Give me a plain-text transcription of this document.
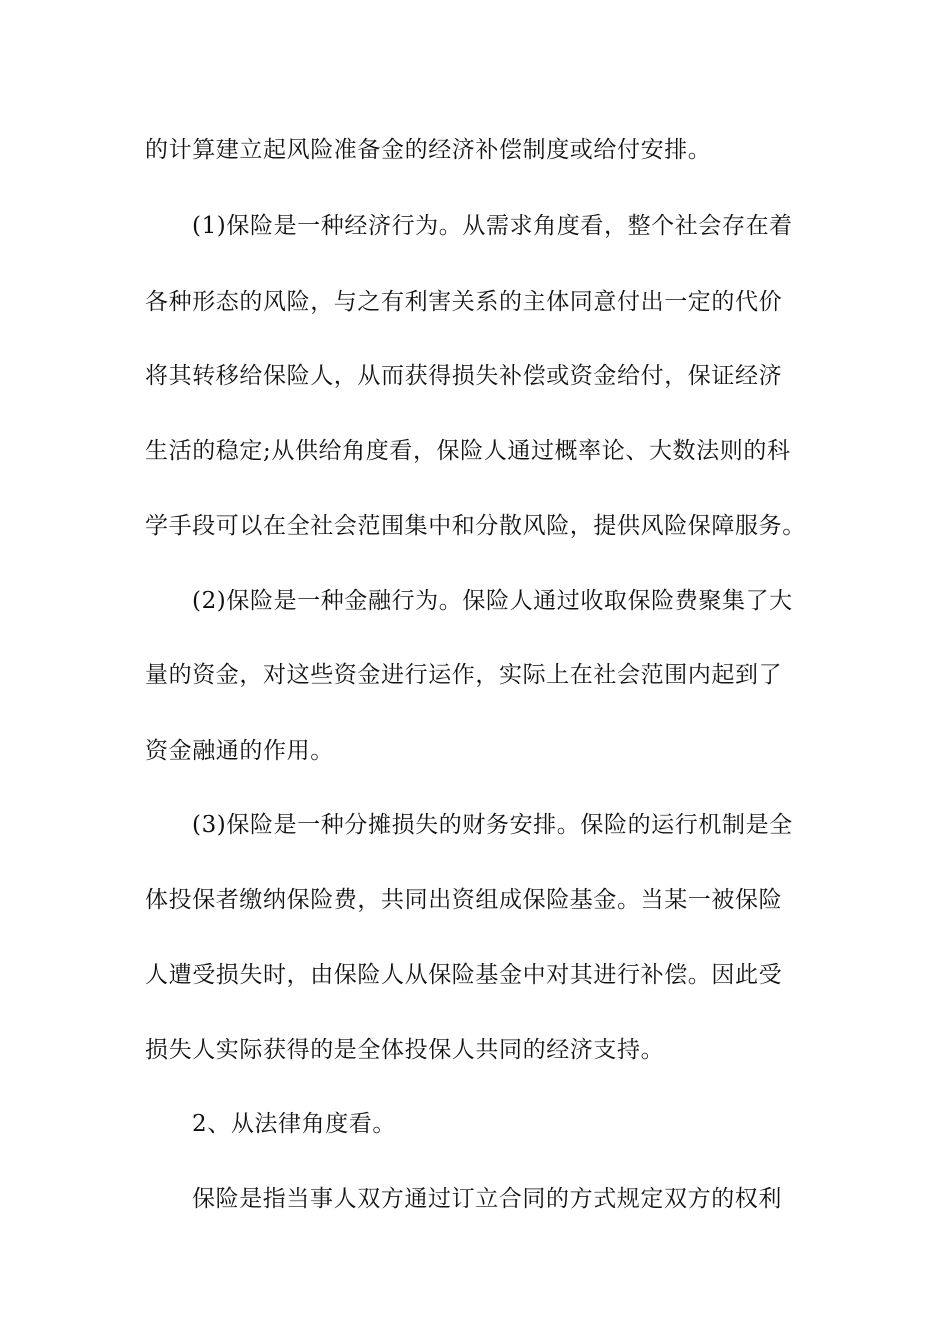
的计算建立起风险准备金的经济补偿制度或给付安排。
(1)保险是一种经济行为。从需求角度看，整个社会存在着
各种形态的风险，与之有利害关系的主体同意付出一定的代价
将其转移给保险人，从而获得损失补偿或资金给付，保证经济
生活的稳定;从供给角度看，保险人通过概率论、大数法则的科
学手段可以在全社会范围集中和分散风险，提供风险保障服务。
(2)保险是一种金融行为。保险人通过收取保险费聚集了大
量的资金，对这些资金进行运作，实际上在社会范围内起到了
资金融通的作用。
(3)保险是一种分摊损失的财务安排。保险的运行机制是全
体投保者缴纳保险费，共同出资组成保险基金。当某一被保险
人遭受损失时，由保险人从保险基金中对其进行补偿。因此受
损失人实际获得的是全体投保人共同的经济支持。
2、从法律角度看。
保险是指当事人双方通过订立合同的方式规定双方的权利
